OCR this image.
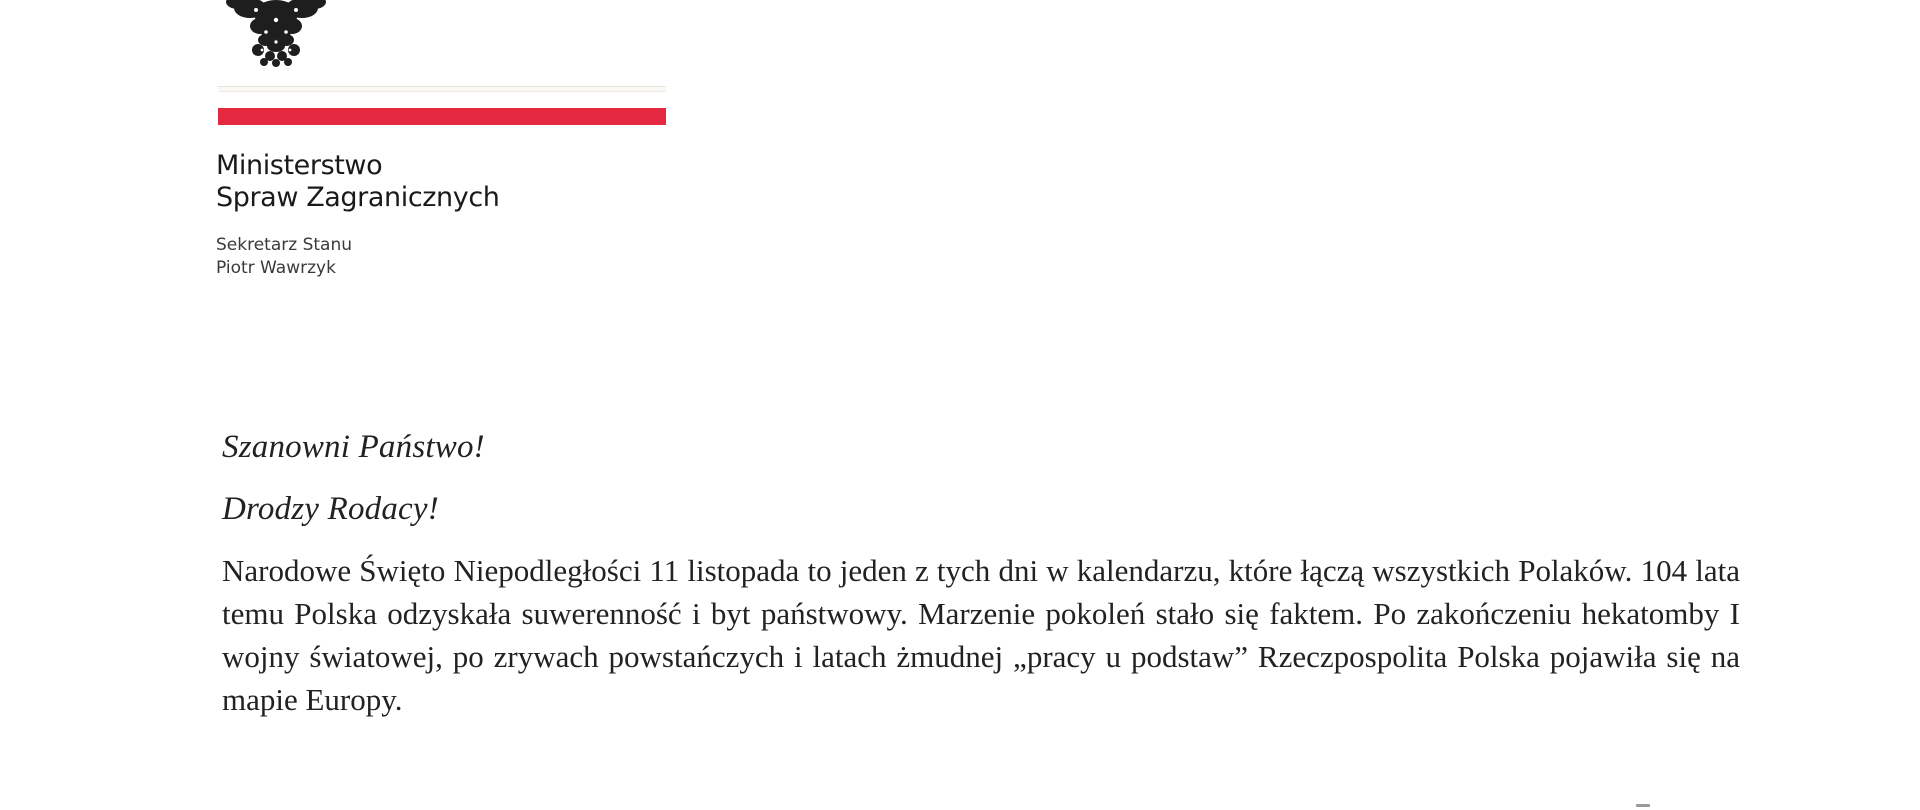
Ministerstwo
Spraw Zagranicznych
Sekretarz Stanu
Piotr Wawrzyk

Szanowni Państwo!

Drodzy Rodacy!

Narodowe Święto Niepodległości 11 listopada to jeden z tych dni w kalendarzu, które łączą wszystkich Polaków. 104 lata temu Polska odzyskała suwerenność i byt państwowy. Marzenie pokoleń stało się faktem. Po zakończeniu hekatomby I wojny światowej, po zrywach powstańczych i latach żmudnej „pracy u podstaw” Rzeczpospolita Polska pojawiła się na mapie Europy.
